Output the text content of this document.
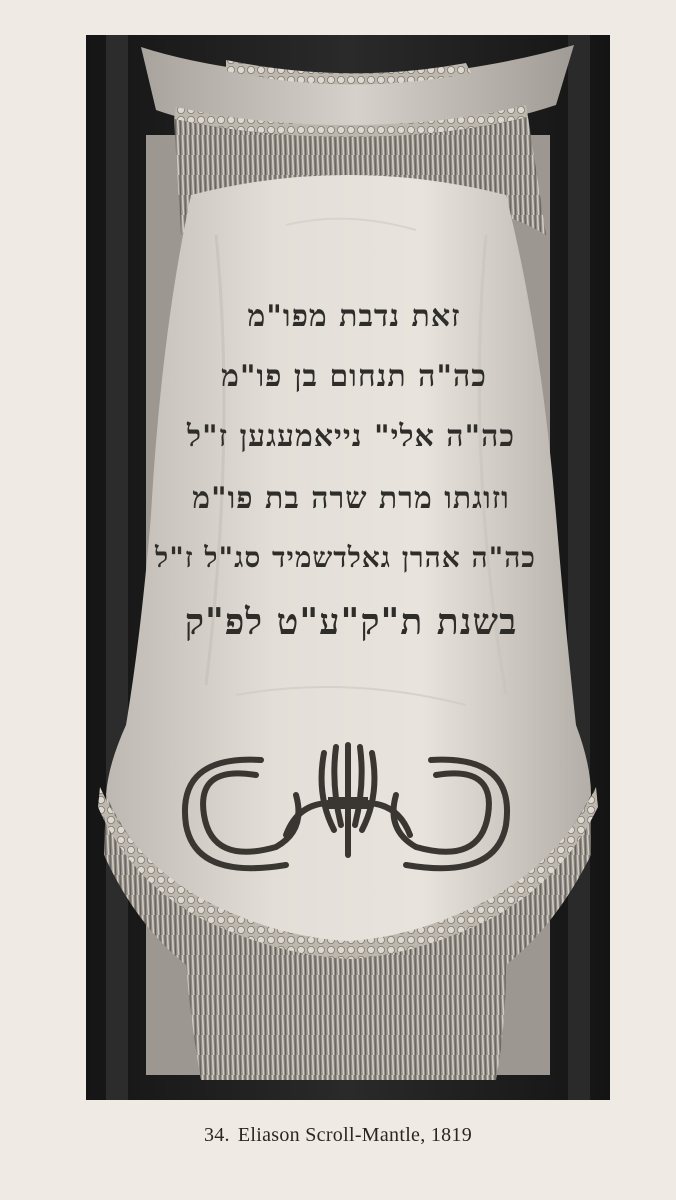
זאת נדבת מפו"מ
כה"ה תנחום בן פו"מ
כה"ה אלי" נייאמעגען ז"ל
וזוגתו מרת שרה בת פו"מ
כה"ה אהרן גאלדשמיד סג"ל ז"ל
בשנת ת"ק"ע"ט לפ"ק
34. Eliason Scroll-Mantle, 1819
